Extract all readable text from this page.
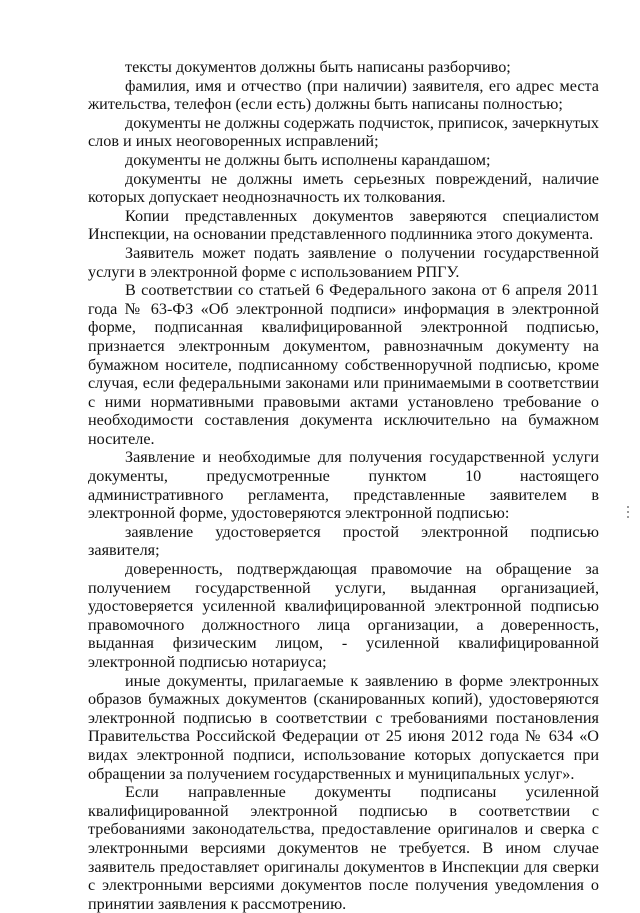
тексты документов должны быть написаны разборчиво;

фамилия, имя и отчество (при наличии) заявителя, его адрес места жительства, телефон (если есть) должны быть написаны полностью;

документы не должны содержать подчисток, приписок, зачеркнутых слов и иных неоговоренных исправлений;

документы не должны быть исполнены карандашом;

документы не должны иметь серьезных повреждений, наличие которых допускает неоднозначность их толкования.

Копии представленных документов заверяются специалистом Инспекции, на основании представленного подлинника этого документа.

Заявитель может подать заявление о получении государственной услуги в электронной форме с использованием РПГУ.

В соответствии со статьей 6 Федерального закона от 6 апреля 2011 года № 63-ФЗ «Об электронной подписи» информация в электронной форме, подписанная квалифицированной электронной подписью, признается электронным документом, равнозначным документу на бумажном носителе, подписанному собственноручной подписью, кроме случая, если федеральными законами или принимаемыми в соответствии с ними нормативными правовыми актами установлено требование о необходимости составления документа исключительно на бумажном носителе.

Заявление и необходимые для получения государственной услуги документы, предусмотренные пунктом 10 настоящего административного регламента, представленные заявителем в электронной форме, удостоверяются электронной подписью:

заявление удостоверяется простой электронной подписью заявителя;

доверенность, подтверждающая правомочие на обращение за получением государственной услуги, выданная организацией, удостоверяется усиленной квалифицированной электронной подписью правомочного должностного лица организации, а доверенность, выданная физическим лицом, - усиленной квалифицированной электронной подписью нотариуса;

иные документы, прилагаемые к заявлению в форме электронных образов бумажных документов (сканированных копий), удостоверяются электронной подписью в соответствии с требованиями постановления Правительства Российской Федерации от 25 июня 2012 года № 634 «О видах электронной подписи, использование которых допускается при обращении за получением государственных и муниципальных услуг».

Если направленные документы подписаны усиленной квалифицированной электронной подписью в соответствии с требованиями законодательства, предоставление оригиналов и сверка с электронными версиями документов не требуется. В ином случае заявитель предоставляет оригиналы документов в Инспекции для сверки с электронными версиями документов после получения уведомления о принятии заявления к рассмотрению.
